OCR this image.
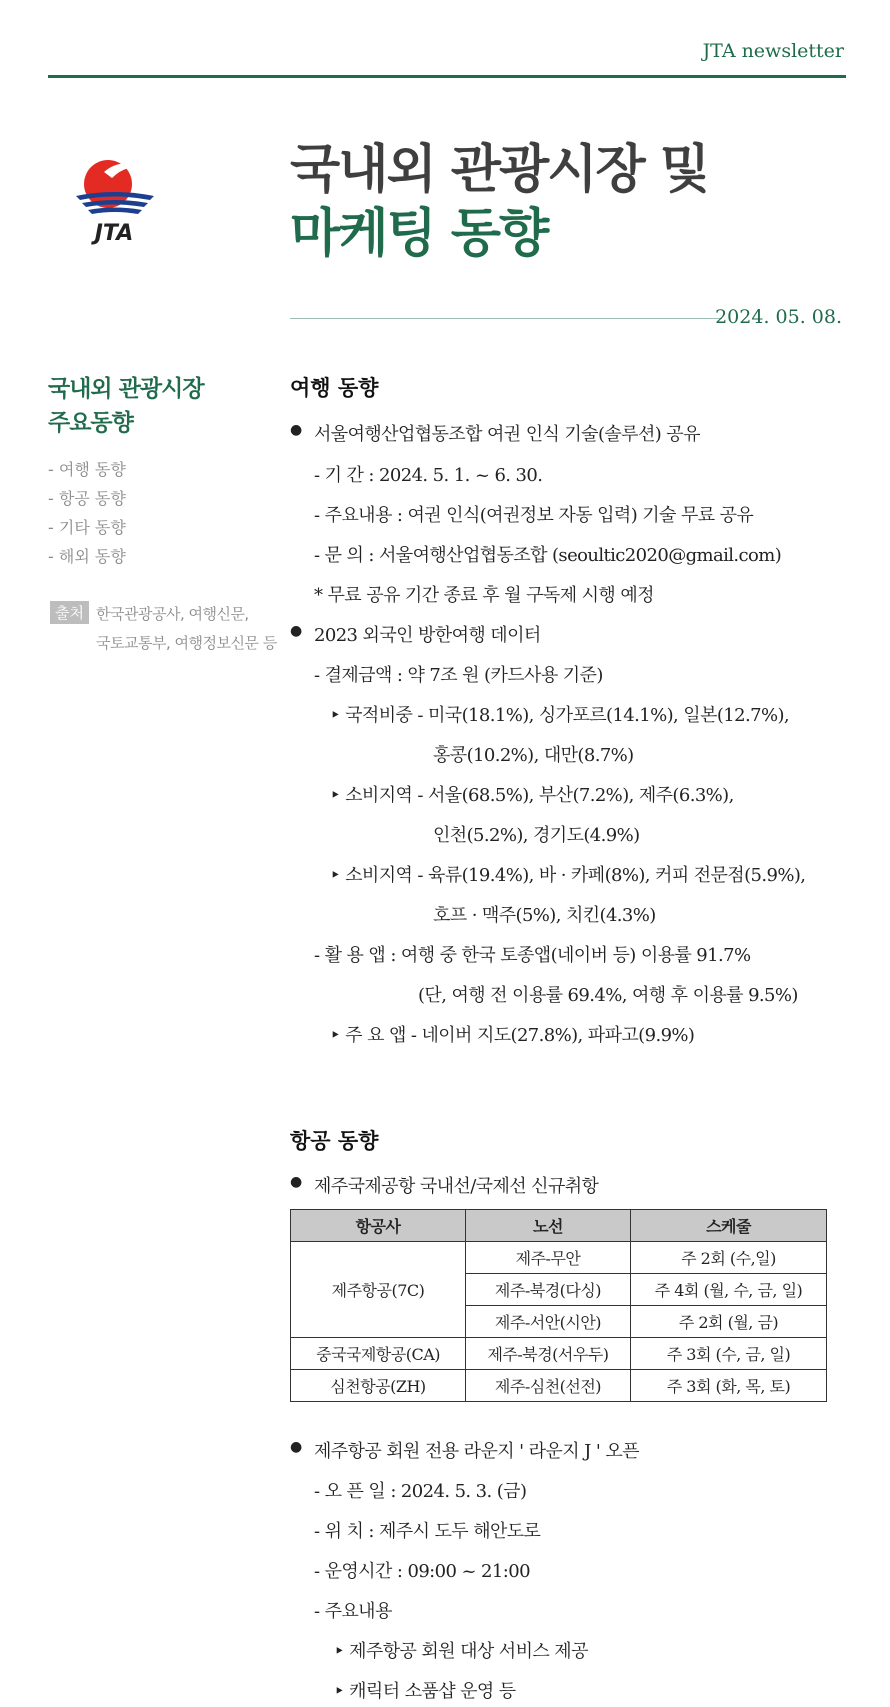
JTA newsletter
JTA
국내외 관광시장 및
마케팅 동향
2024. 05. 08.
국내외 관광시장
주요동향
- 여행 동향
- 항공 동향
- 기타 동향
- 해외 동향
출처 한국관광공사, 여행신문,
국토교통부, 여행정보신문 등
여행 동향
● 서울여행산업협동조합 여권 인식 기술(솔루션) 공유
- 기 간 : 2024. 5. 1. ~ 6. 30.
- 주요내용 : 여권 인식(여권정보 자동 입력) 기술 무료 공유
- 문 의 : 서울여행산업협동조합 (seoultic2020@gmail.com)
* 무료 공유 기간 종료 후 월 구독제 시행 예정
● 2023 외국인 방한여행 데이터
- 결제금액 : 약 7조 원 (카드사용 기준)
‣ 국적비중 - 미국(18.1%), 싱가포르(14.1%), 일본(12.7%),
홍콩(10.2%), 대만(8.7%)
‣ 소비지역 - 서울(68.5%), 부산(7.2%), 제주(6.3%),
인천(5.2%), 경기도(4.9%)
‣ 소비지역 - 육류(19.4%), 바 · 카페(8%), 커피 전문점(5.9%),
호프 · 맥주(5%), 치킨(4.3%)
- 활 용 앱 : 여행 중 한국 토종앱(네이버 등) 이용률 91.7%
(단, 여행 전 이용률 69.4%, 여행 후 이용률 9.5%)
‣ 주 요 앱 - 네이버 지도(27.8%), 파파고(9.9%)
항공 동향
● 제주국제공항 국내선/국제선 신규취항
항공사	노선	스케줄
제주항공(7C)	제주-무안	주 2회 (수,일)
	제주-북경(다싱)	주 4회 (월, 수, 금, 일)
	제주-서안(시안)	주 2회 (월, 금)
중국국제항공(CA)	제주-북경(서우두)	주 3회 (수, 금, 일)
심천항공(ZH)	제주-심천(선전)	주 3회 (화, 목, 토)
● 제주항공 회원 전용 라운지 ' 라운지 J ' 오픈
- 오 픈 일 : 2024. 5. 3. (금)
- 위 치 : 제주시 도두 해안도로
- 운영시간 : 09:00 ~ 21:00
- 주요내용
‣ 제주항공 회원 대상 서비스 제공
‣ 캐릭터 소품샵 운영 등
